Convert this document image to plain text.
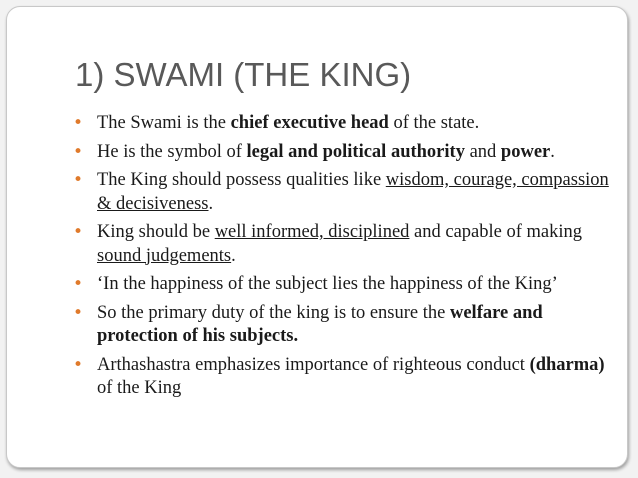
1) SWAMI (THE KING)
• The Swami is the chief executive head of the state.
• He is the symbol of legal and political authority and power.
• The King should possess qualities like wisdom, courage, compassion & decisiveness.
• King should be well informed, disciplined and capable of making sound judgements.
• ‘In the happiness of the subject lies the happiness of the King’
• So the primary duty of the king is to ensure the welfare and protection of his subjects.
• Arthashastra emphasizes importance of righteous conduct (dharma) of the King
